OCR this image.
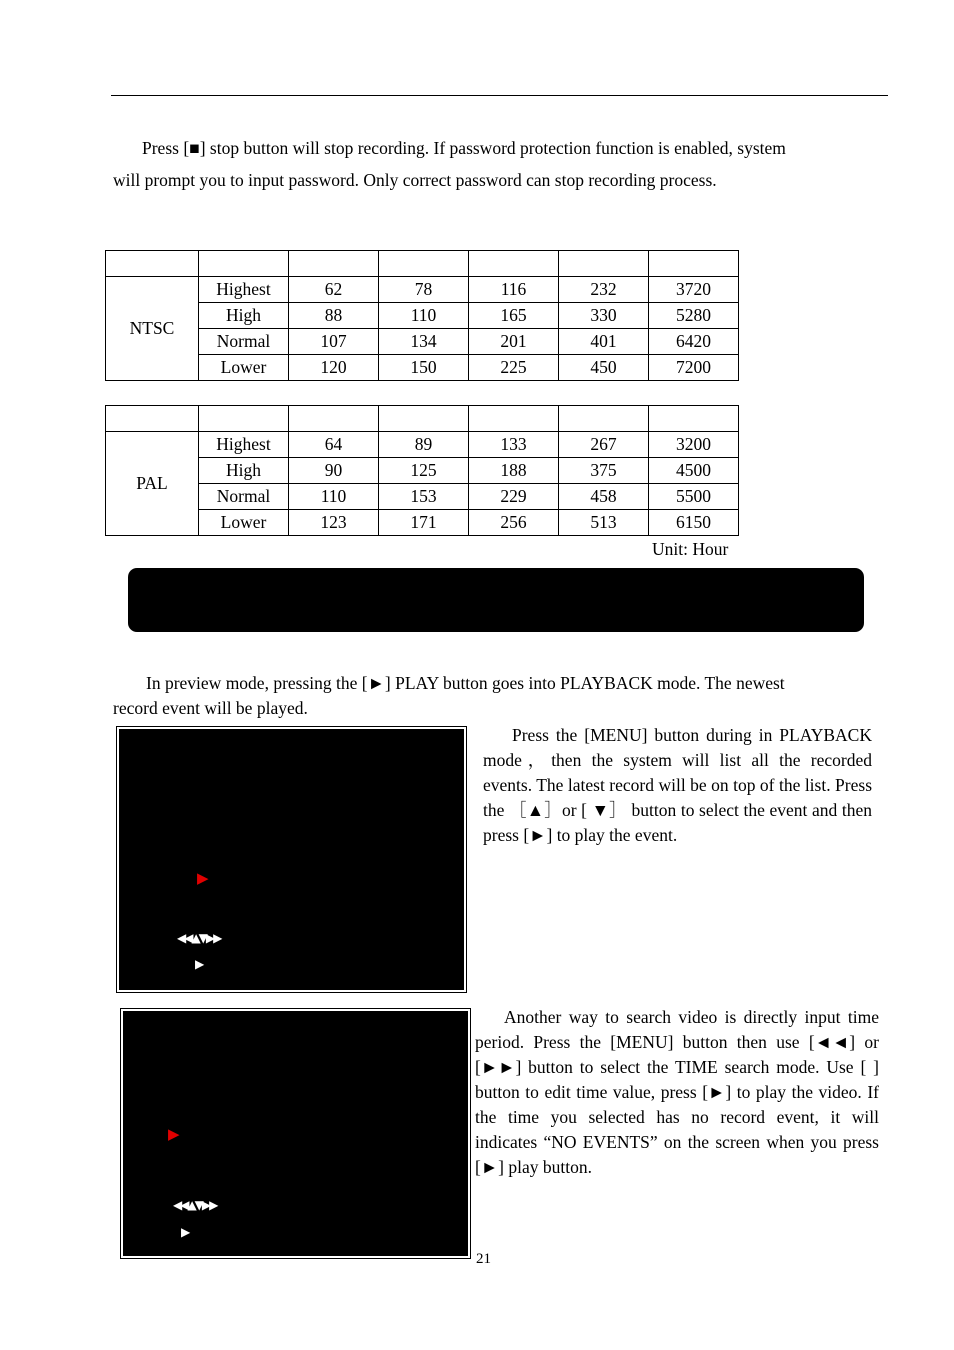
Press [■] stop button will stop recording. If password protection function is enabled, system

will prompt you to input password. Only correct password can stop recording process.

NTSC	Highest	62	78	116	232	3720
	High	88	110	165	330	5280
	Normal	107	134	201	401	6420
	Lower	120	150	225	450	7200

PAL	Highest	64	89	133	267	3200
	High	90	125	188	375	4500
	Normal	110	153	229	458	5500
	Lower	123	171	256	513	6150
Unit: Hour

In preview mode, pressing the [►] PLAY button goes into PLAYBACK mode. The newest

record event will be played.

▶
◀◀▲▼▶▶
▶

Press the [MENU] button during in PLAYBACK mode，then the system will list all the recorded events. The latest record will be on top of the list. Press the ［▲］or [ ▼］ button to select the event and then press [►] to play the event.

▶
◀◀▲▼▶▶
▶

Another way to search video is directly input time period. Press the [MENU] button then use [◄◄] or [►►] button to select the TIME search mode. Use [ ] button to edit time value, press [►] to play the video. If the time you selected has no record event, it will indicates “NO EVENTS” on the screen when you press [►] play button.

21
